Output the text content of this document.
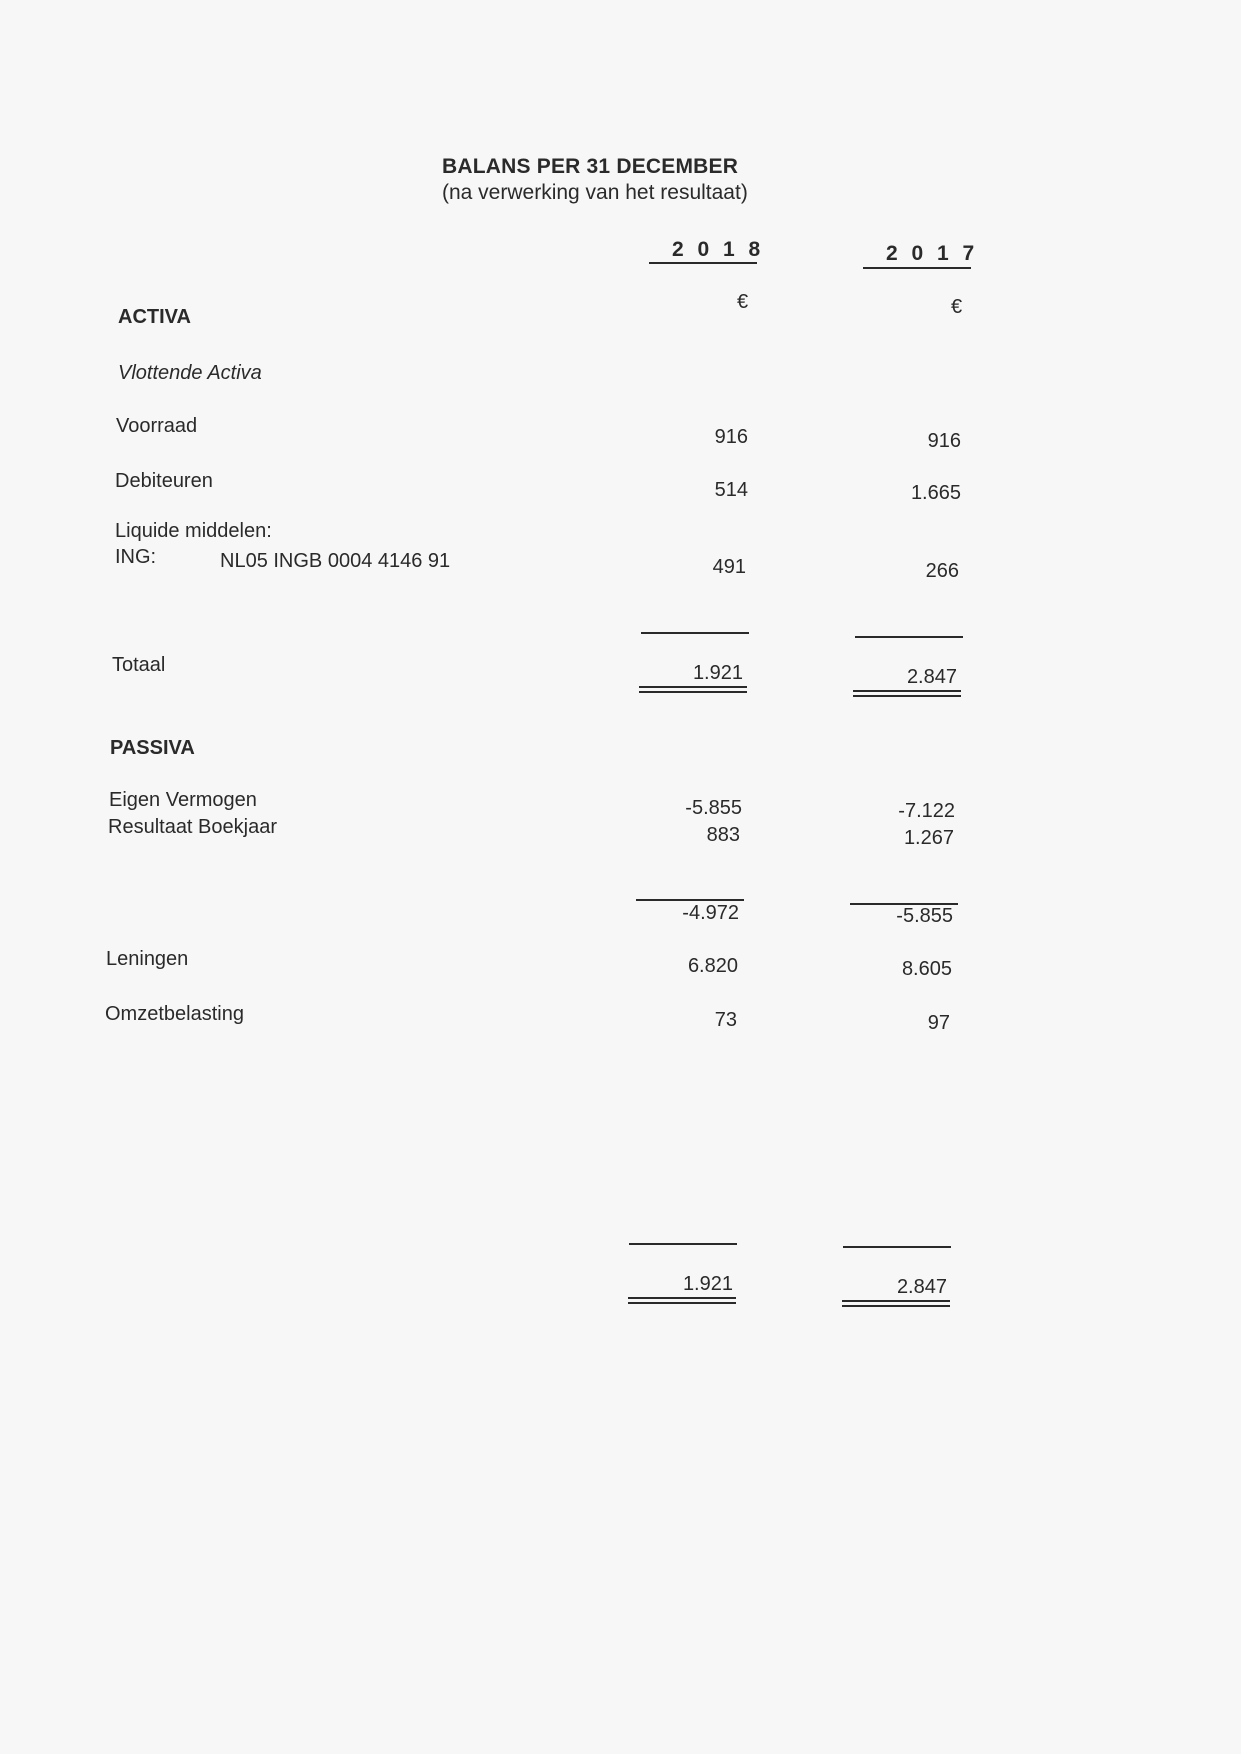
BALANS PER 31 DECEMBER
(na verwerking van het resultaat)
2 0 1 8	2 0 1 7
€	€
ACTIVA
Vlottende Activa
Voorraad	916	916
Debiteuren	514	1.665
Liquide middelen:
ING:	NL05 INGB 0004 4146 91	491	266
Totaal	1.921	2.847
PASSIVA
Eigen Vermogen	-5.855	-7.122
Resultaat Boekjaar	883	1.267
-4.972	-5.855
Leningen	6.820	8.605
Omzetbelasting	73	97
1.921	2.847
